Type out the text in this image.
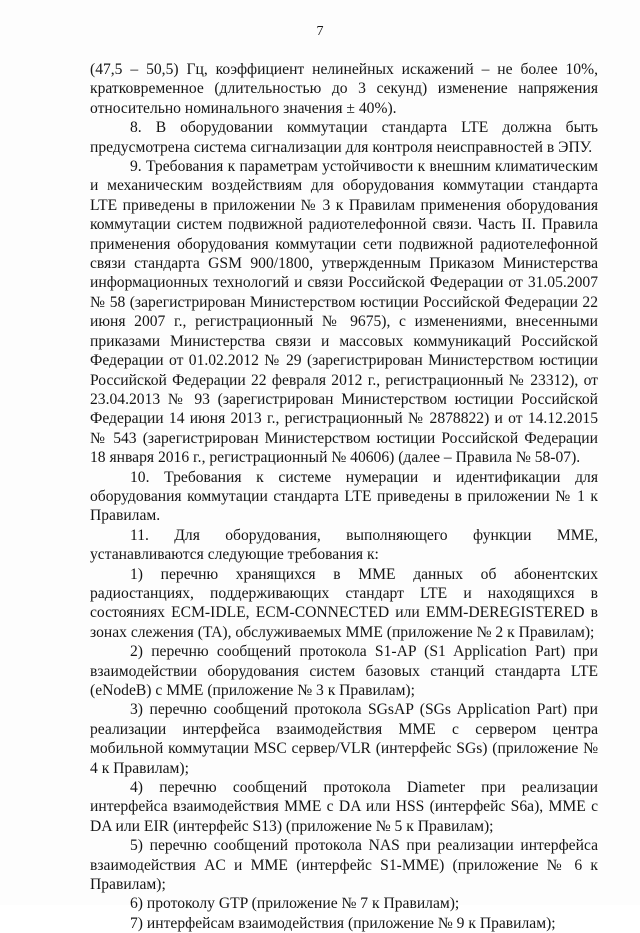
7

(47,5 – 50,5) Гц, коэффициент нелинейных искажений – не более 10%, кратковременное (длительностью до 3 секунд) изменение напряжения относительно номинального значения ± 40%).

8. В оборудовании коммутации стандарта LTE должна быть предусмотрена система сигнализации для контроля неисправностей в ЭПУ.

9. Требования к параметрам устойчивости к внешним климатическим и механическим воздействиям для оборудования коммутации стандарта LTE приведены в приложении № 3 к Правилам применения оборудования коммутации систем подвижной радиотелефонной связи. Часть II. Правила применения оборудования коммутации сети подвижной радиотелефонной связи стандарта GSM 900/1800, утвержденным Приказом Министерства информационных технологий и связи Российской Федерации от 31.05.2007 № 58 (зарегистрирован Министерством юстиции Российской Федерации 22 июня 2007 г., регистрационный № 9675), с изменениями, внесенными приказами Министерства связи и массовых коммуникаций Российской Федерации от 01.02.2012 № 29 (зарегистрирован Министерством юстиции Российской Федерации 22 февраля 2012 г., регистрационный № 23312), от 23.04.2013 № 93 (зарегистрирован Министерством юстиции Российской Федерации 14 июня 2013 г., регистрационный № 2878822) и от 14.12.2015 № 543 (зарегистрирован Министерством юстиции Российской Федерации 18 января 2016 г., регистрационный № 40606) (далее – Правила № 58-07).

10. Требования к системе нумерации и идентификации для оборудования коммутации стандарта LTE приведены в приложении № 1 к Правилам.

11. Для оборудования, выполняющего функции MME, устанавливаются следующие требования к:

1) перечню хранящихся в MME данных об абонентских радиостанциях, поддерживающих стандарт LTE и находящихся в состояниях ECM-IDLE, ECM-CONNECTED или EMM-DEREGISTERED в зонах слежения (TA), обслуживаемых MME (приложение № 2 к Правилам);

2) перечню сообщений протокола S1-AP (S1 Application Part) при взаимодействии оборудования систем базовых станций стандарта LTE (eNodeB) с MME (приложение № 3 к Правилам);

3) перечню сообщений протокола SGsAP (SGs Application Part) при реализации интерфейса взаимодействия MME с сервером центра мобильной коммутации MSC сервер/VLR (интерфейс SGs) (приложение № 4 к Правилам);

4) перечню сообщений протокола Diameter при реализации интерфейса взаимодействия MME с DA или HSS (интерфейс S6a), MME с DA или EIR (интерфейс S13) (приложение № 5 к Правилам);

5) перечню сообщений протокола NAS при реализации интерфейса взаимодействия AC и MME (интерфейс S1-MME) (приложение № 6 к Правилам);

6) протоколу GTP (приложение № 7 к Правилам);

7) интерфейсам взаимодействия (приложение № 9 к Правилам);
